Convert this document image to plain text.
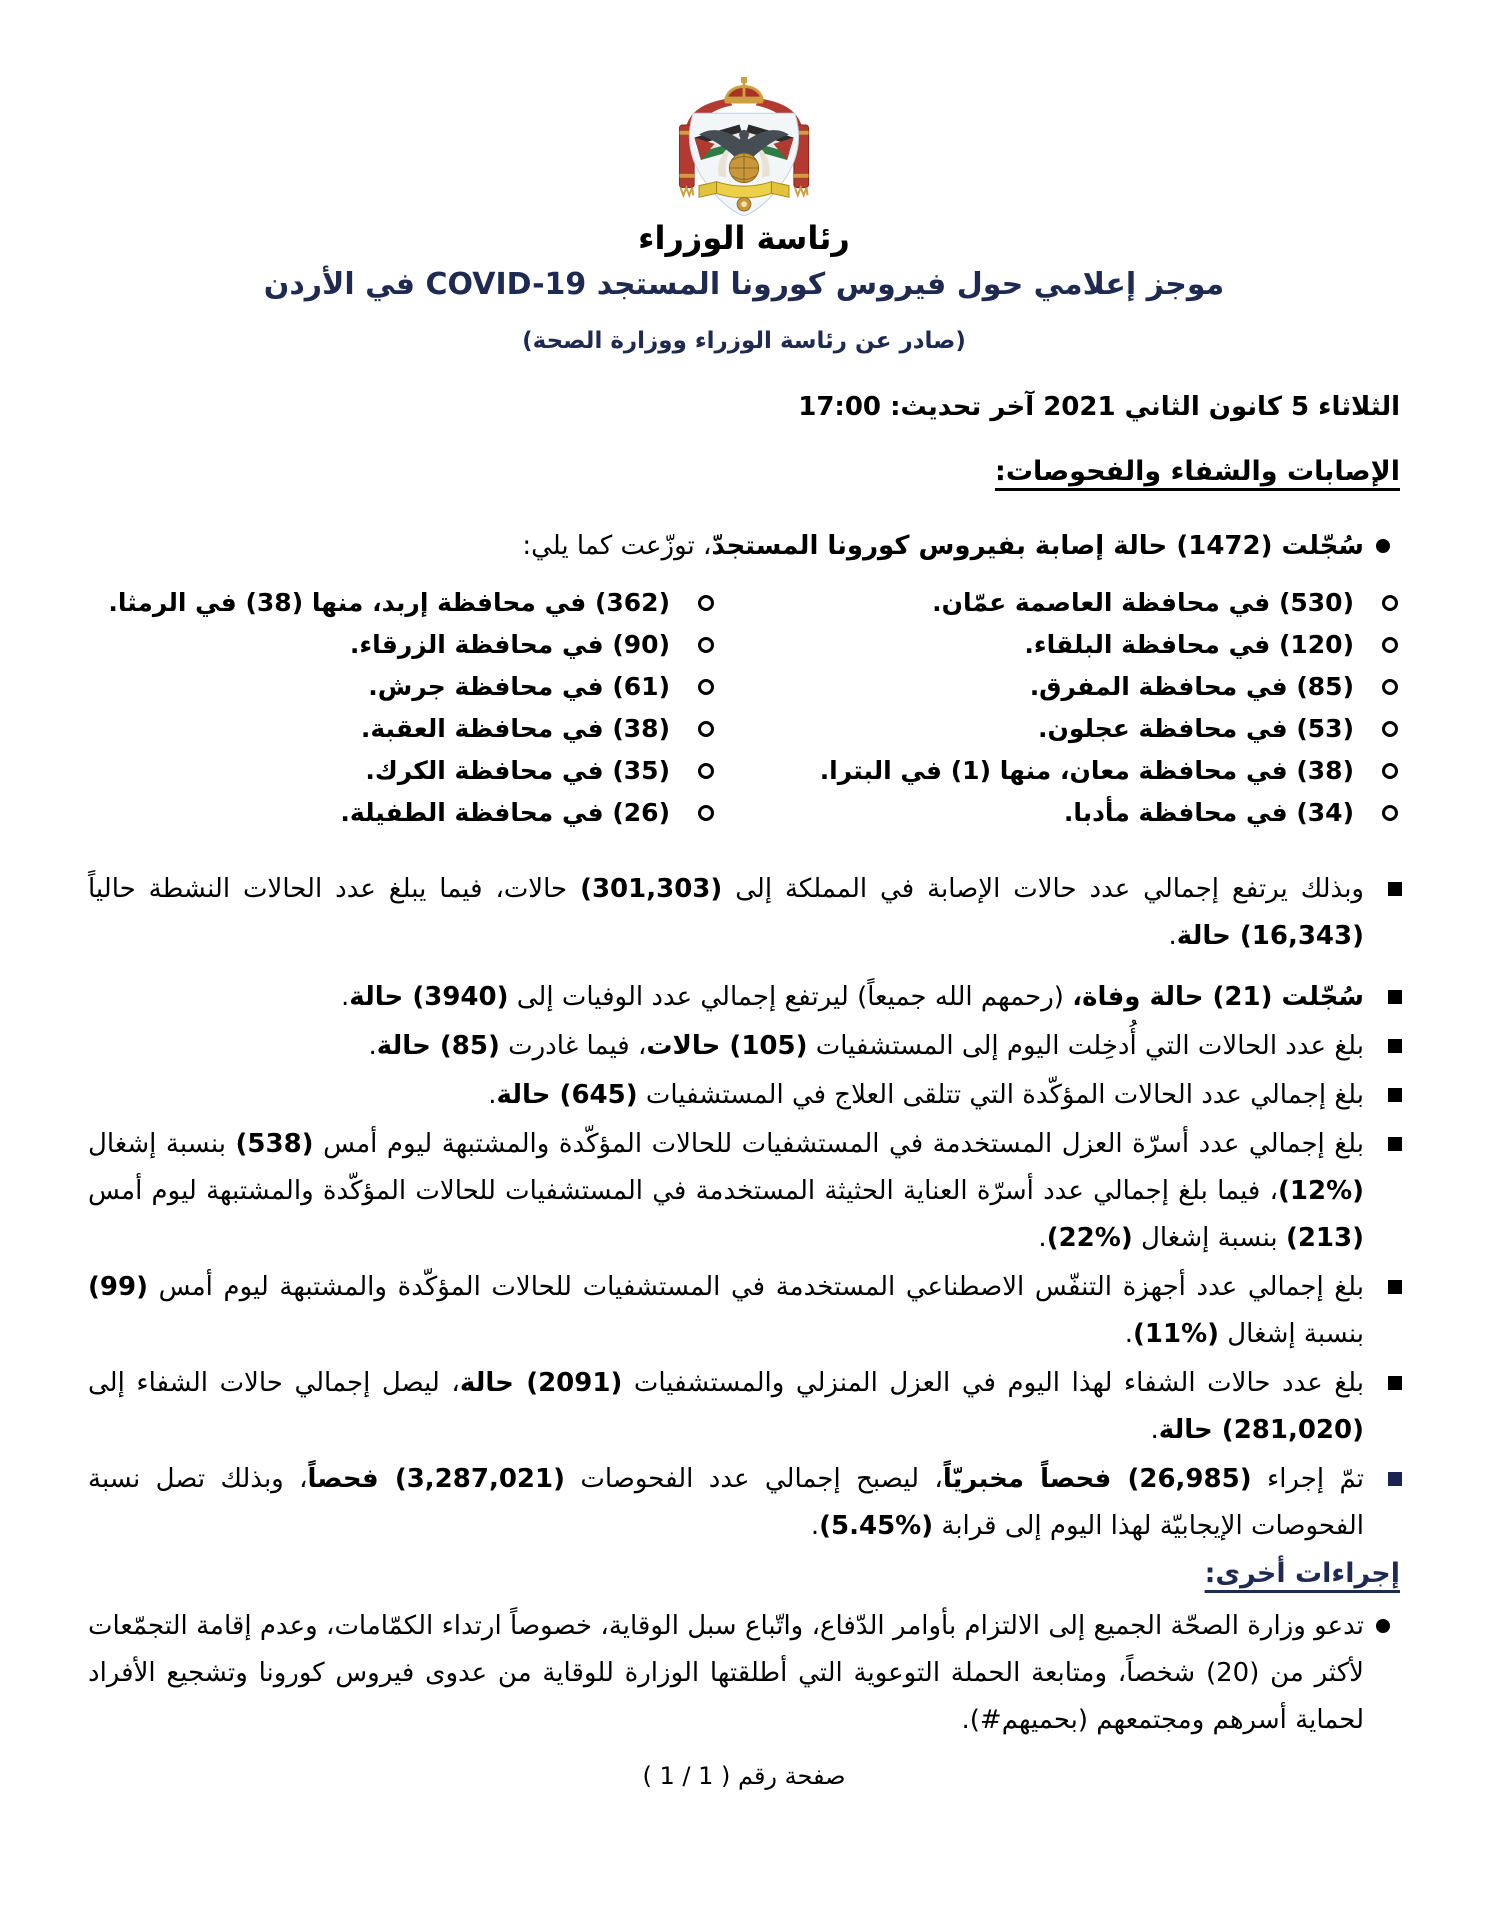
رئاسة الوزراء
موجز إعلامي حول فيروس كورونا المستجد COVID-19 في الأردن
(صادر عن رئاسة الوزراء ووزارة الصحة)
الثلاثاء 5 كانون الثاني 2021 آخر تحديث: 17:00
الإصابات والشفاء والفحوصات:
سُجّلت (1472) حالة إصابة بفيروس كورونا المستجدّ، توزّعت كما يلي:
(530) في محافظة العاصمة عمّان.
(120) في محافظة البلقاء.
(85) في محافظة المفرق.
(53) في محافظة عجلون.
(38) في محافظة معان، منها (1) في البترا.
(34) في محافظة مأدبا.
(362) في محافظة إربد، منها (38) في الرمثا.
(90) في محافظة الزرقاء.
(61) في محافظة جرش.
(38) في محافظة العقبة.
(35) في محافظة الكرك.
(26) في محافظة الطفيلة.
وبذلك يرتفع إجمالي عدد حالات الإصابة في المملكة إلى (301,303) حالات، فيما يبلغ عدد الحالات النشطة حالياً (16,343) حالة.
سُجّلت (21) حالة وفاة، (رحمهم الله جميعاً) ليرتفع إجمالي عدد الوفيات إلى (3940) حالة.
بلغ عدد الحالات التي أُدخِلت اليوم إلى المستشفيات (105) حالات، فيما غادرت (85) حالة.
بلغ إجمالي عدد الحالات المؤكّدة التي تتلقى العلاج في المستشفيات (645) حالة.
بلغ إجمالي عدد أسرّة العزل المستخدمة في المستشفيات للحالات المؤكّدة والمشتبهة ليوم أمس (538) بنسبة إشغال (%12)، فيما بلغ إجمالي عدد أسرّة العناية الحثيثة المستخدمة في المستشفيات للحالات المؤكّدة والمشتبهة ليوم أمس (213) بنسبة إشغال (%22).
بلغ إجمالي عدد أجهزة التنفّس الاصطناعي المستخدمة في المستشفيات للحالات المؤكّدة والمشتبهة ليوم أمس (99) بنسبة إشغال (%11).
بلغ عدد حالات الشفاء لهذا اليوم في العزل المنزلي والمستشفيات (2091) حالة، ليصل إجمالي حالات الشفاء إلى (281,020) حالة.
تمّ إجراء (26,985) فحصاً مخبريّاً، ليصبح إجمالي عدد الفحوصات (3,287,021) فحصاً، وبذلك تصل نسبة الفحوصات الإيجابيّة لهذا اليوم إلى قرابة (%5.45).
إجراءات أخرى:
تدعو وزارة الصحّة الجميع إلى الالتزام بأوامر الدّفاع، واتّباع سبل الوقاية، خصوصاً ارتداء الكمّامات، وعدم إقامة التجمّعات لأكثر من (20) شخصاً، ومتابعة الحملة التوعوية التي أطلقتها الوزارة للوقاية من عدوى فيروس كورونا وتشجيع الأفراد لحماية أسرهم ومجتمعهم (⁦#بحميهم⁩).
صفحة رقم ( 1 / 1 )
